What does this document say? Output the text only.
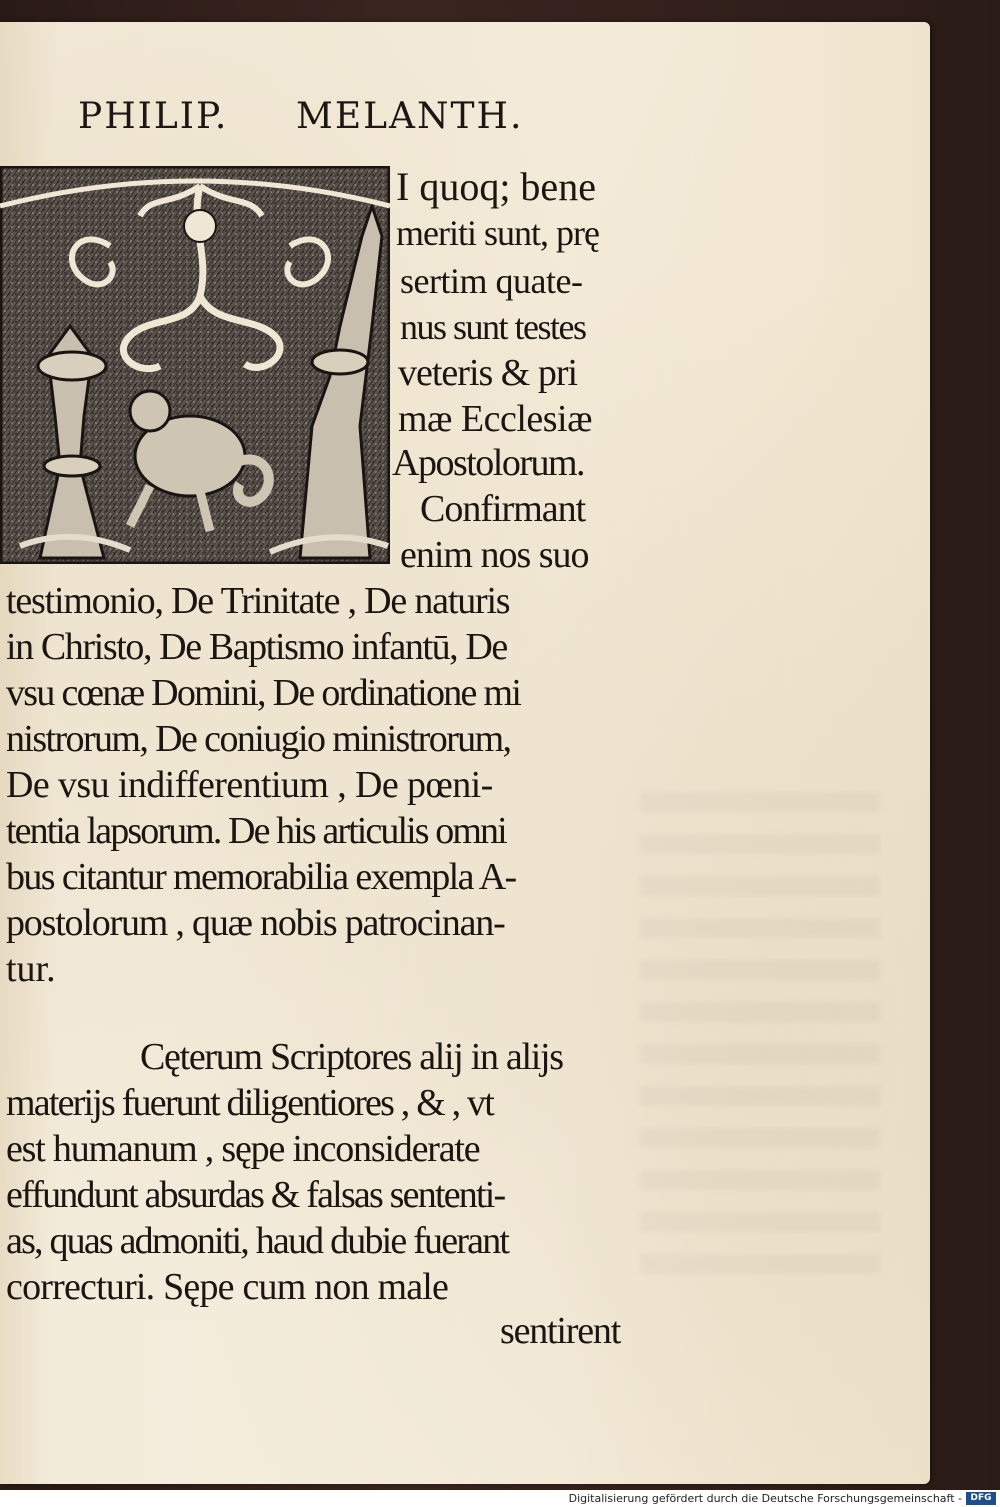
PHILIP. MELANTH.
I quoq; bene
meriti sunt, prę
sertim quate-
nus sunt testes
veteris & pri
mæ Ecclesiæ
Apostolorum.
Confirmant
enim nos suo
testimonio, De Trinitate , De naturis
in Christo, De Baptismo infantū, De
vsu cœnæ Domini, De ordinatione mi
nistrorum, De coniugio ministrorum,
De vsu indifferentium , De pœni-
tentia lapsorum. De his articulis omni
bus citantur memorabilia exempla A-
postolorum , quæ nobis patrocinan-
tur.
Cęterum Scriptores alij in alijs
materijs fuerunt diligentiores , & , vt
est humanum , sępe inconsiderate
effundunt absurdas & falsas sententi-
as, quas admoniti, haud dubie fuerant
correcturi. Sępe cum non male
sentirent
Digitalisierung gefördert durch die Deutsche Forschungsgemeinschaft - DFG
